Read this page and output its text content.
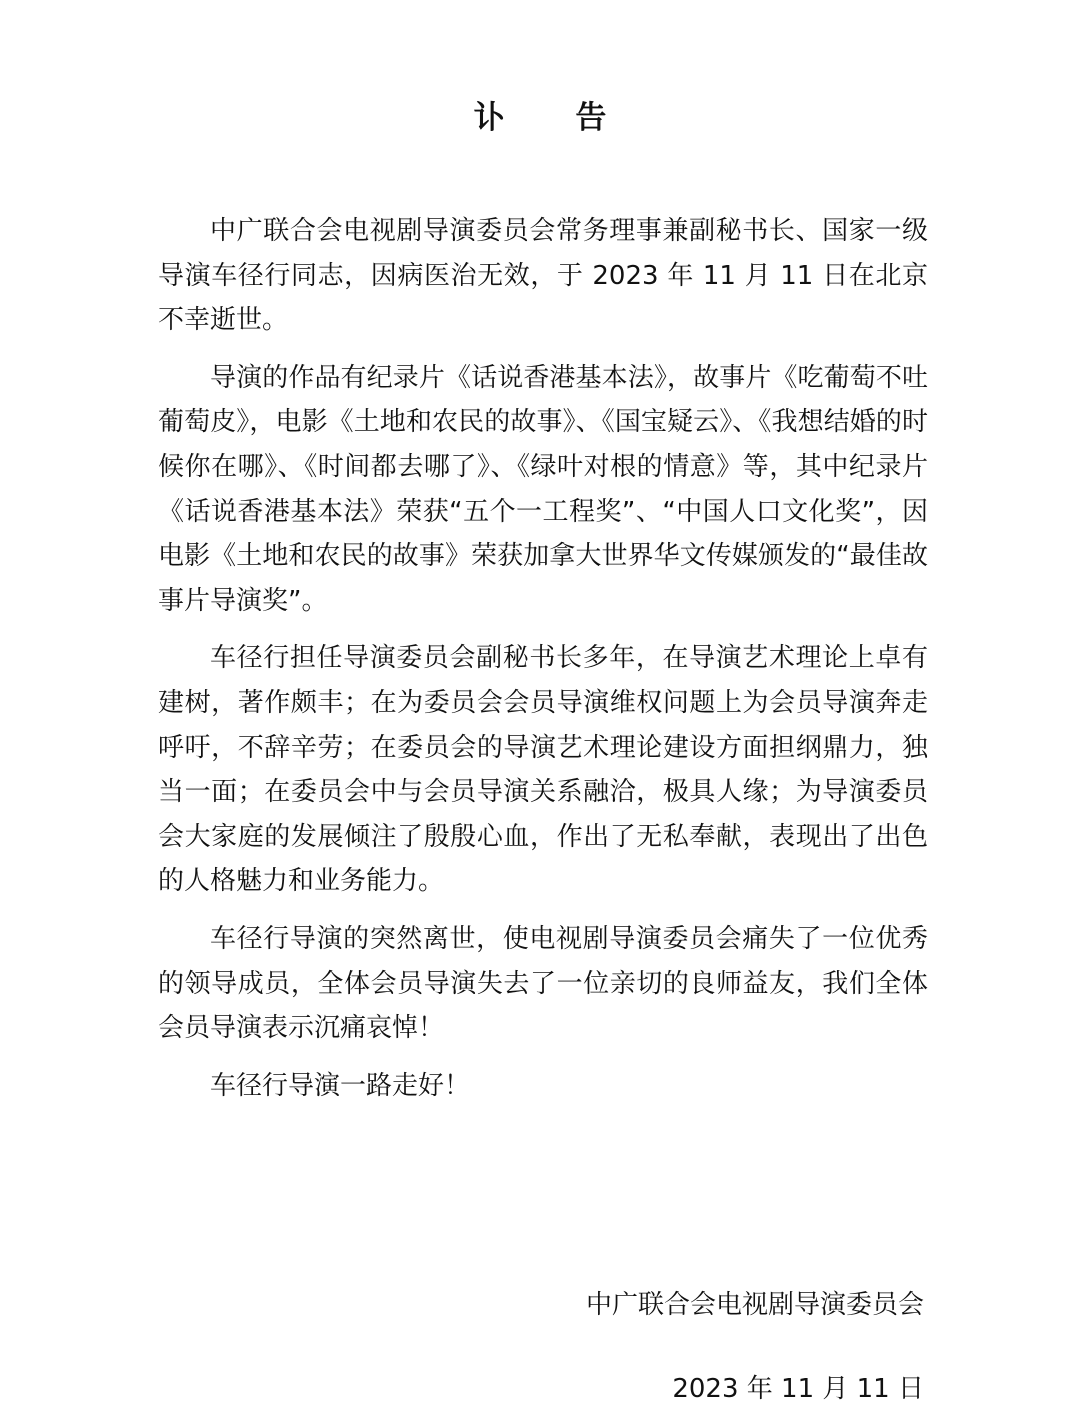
讣 告

中广联合会电视剧导演委员会常务理事兼副秘书长、国家一级导演车径行同志，因病医治无效，于 2023 年 11 月 11 日在北京不幸逝世。

导演的作品有纪录片《话说香港基本法》，故事片《吃葡萄不吐葡萄皮》，电影《土地和农民的故事》、《国宝疑云》、《我想结婚的时候你在哪》、《时间都去哪了》、《绿叶对根的情意》等，其中纪录片《话说香港基本法》荣获“五个一工程奖”、“中国人口文化奖”，因电影《土地和农民的故事》荣获加拿大世界华文传媒颁发的“最佳故事片导演奖”。

车径行担任导演委员会副秘书长多年，在导演艺术理论上卓有建树，著作颇丰；在为委员会会员导演维权问题上为会员导演奔走呼吁，不辞辛劳；在委员会的导演艺术理论建设方面担纲鼎力，独当一面；在委员会中与会员导演关系融洽，极具人缘；为导演委员会大家庭的发展倾注了殷殷心血，作出了无私奉献，表现出了出色的人格魅力和业务能力。

车径行导演的突然离世，使电视剧导演委员会痛失了一位优秀的领导成员，全体会员导演失去了一位亲切的良师益友，我们全体会员导演表示沉痛哀悼！

车径行导演一路走好！

中广联合会电视剧导演委员会
2023 年 11 月 11 日
